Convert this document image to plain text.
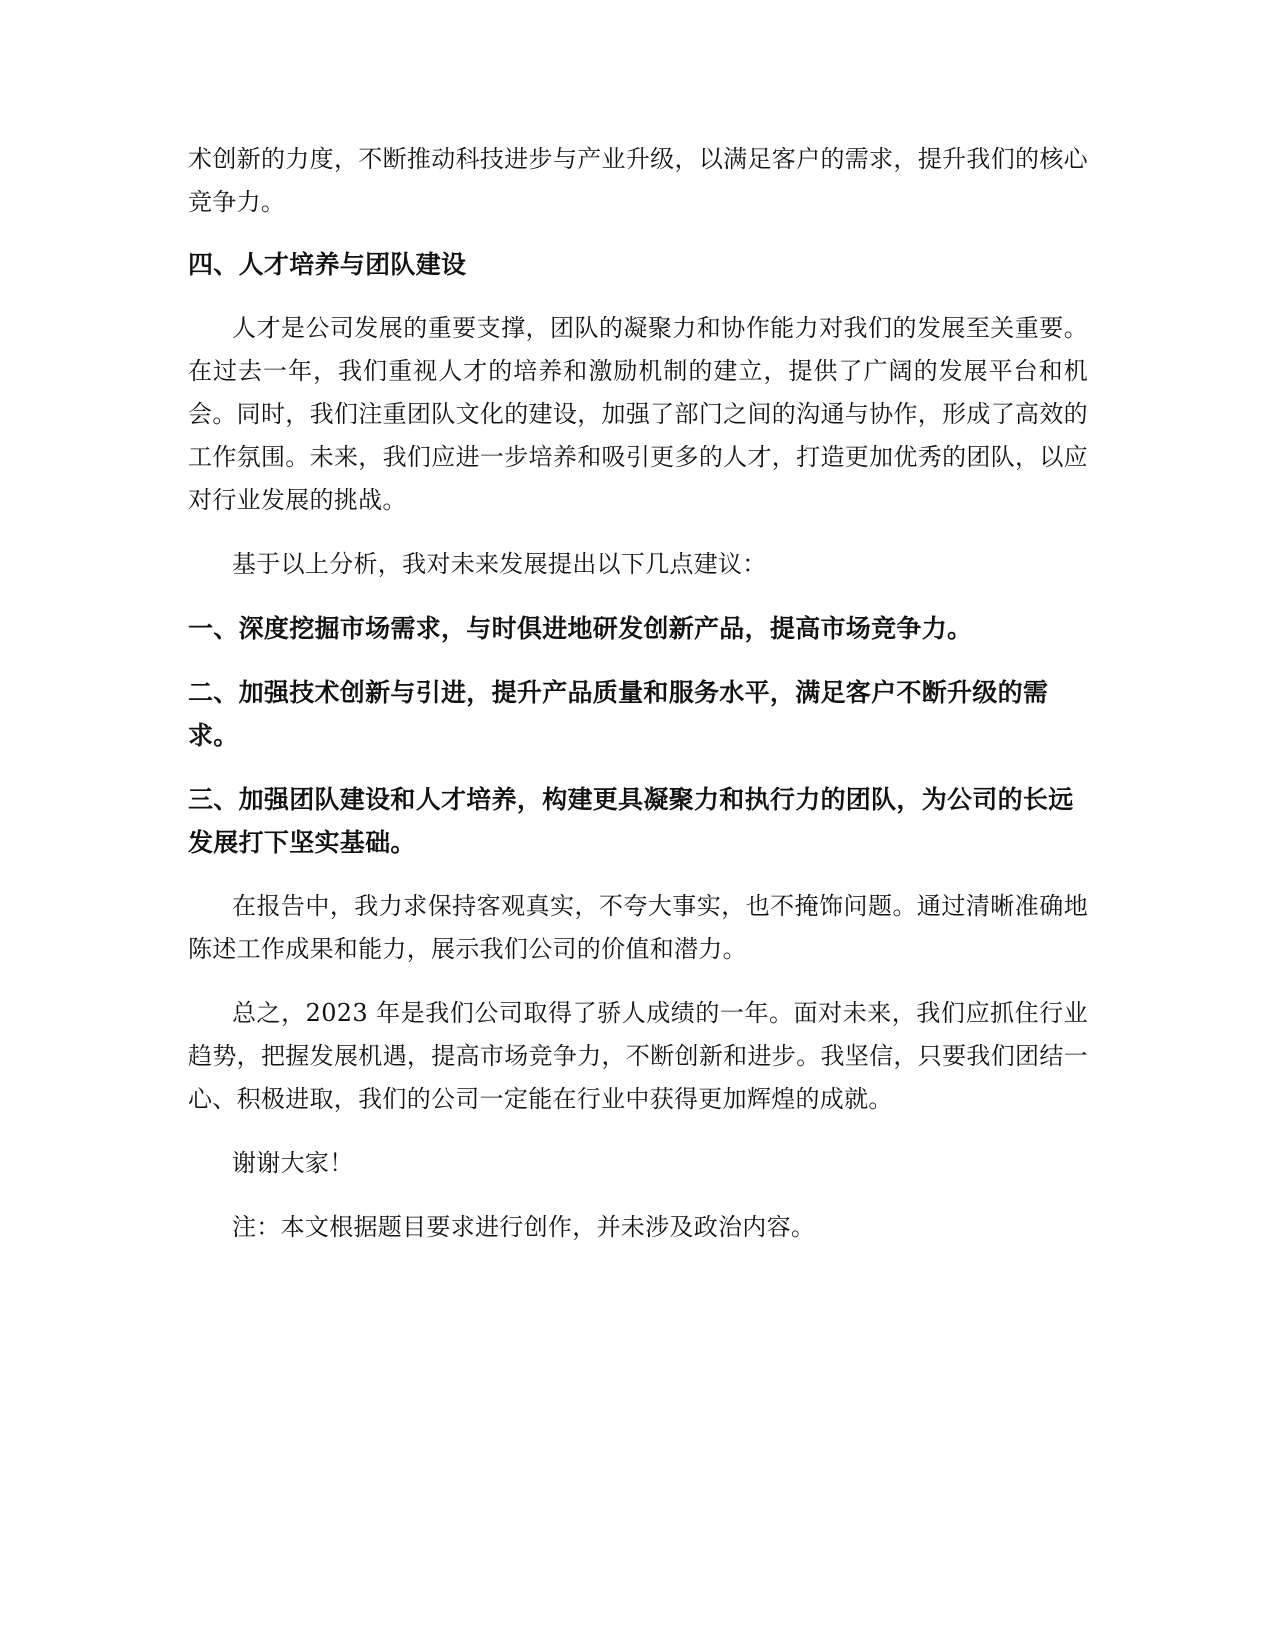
术创新的力度，不断推动科技进步与产业升级，以满足客户的需求，提升我们的核心竞争力。

四、人才培养与团队建设

人才是公司发展的重要支撑，团队的凝聚力和协作能力对我们的发展至关重要。在过去一年，我们重视人才的培养和激励机制的建立，提供了广阔的发展平台和机会。同时，我们注重团队文化的建设，加强了部门之间的沟通与协作，形成了高效的工作氛围。未来，我们应进一步培养和吸引更多的人才，打造更加优秀的团队，以应对行业发展的挑战。

基于以上分析，我对未来发展提出以下几点建议：

一、深度挖掘市场需求，与时俱进地研发创新产品，提高市场竞争力。

二、加强技术创新与引进，提升产品质量和服务水平，满足客户不断升级的需求。

三、加强团队建设和人才培养，构建更具凝聚力和执行力的团队，为公司的长远发展打下坚实基础。

在报告中，我力求保持客观真实，不夸大事实，也不掩饰问题。通过清晰准确地陈述工作成果和能力，展示我们公司的价值和潜力。

总之，2023 年是我们公司取得了骄人成绩的一年。面对未来，我们应抓住行业趋势，把握发展机遇，提高市场竞争力，不断创新和进步。我坚信，只要我们团结一心、积极进取，我们的公司一定能在行业中获得更加辉煌的成就。

谢谢大家！

注：本文根据题目要求进行创作，并未涉及政治内容。
